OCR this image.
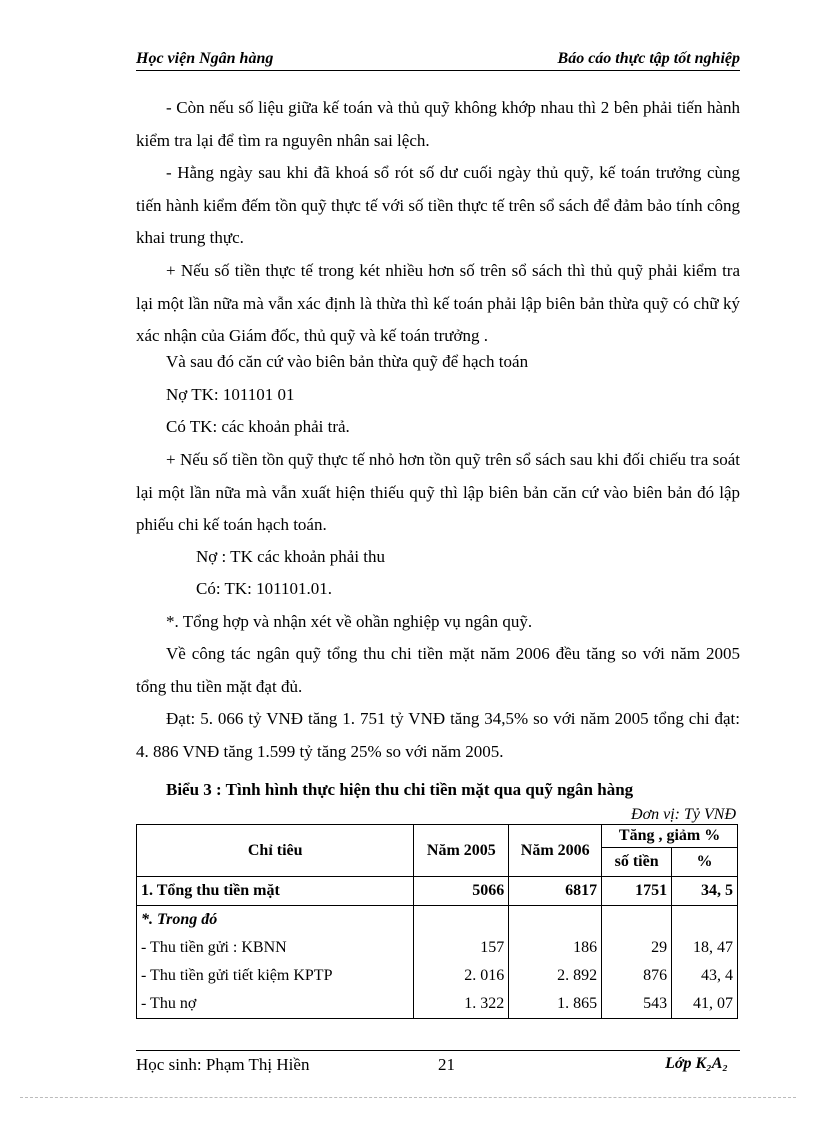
Học viện Ngân hàng	Báo cáo thực tập tốt nghiệp

- Còn nếu số liệu giữa kế toán và thủ quỹ không khớp nhau thì 2 bên phải tiến hành kiểm tra lại để tìm ra nguyên nhân sai lệch.

- Hằng ngày sau khi đã khoá sổ rót số dư cuối ngày thủ quỹ, kế toán trưởng cùng tiến hành kiểm đếm tồn quỹ thực tế với số tiền thực tế trên sổ sách để đảm bảo tính công khai trung thực.

+ Nếu số tiền thực tế trong két nhiều hơn số trên sổ sách thì thủ quỹ phải kiểm tra lại một lần nữa mà vẫn xác định là thừa thì kế toán phải lập biên bản thừa quỹ có chữ ký xác nhận của Giám đốc, thủ quỹ và kế toán trưởng .

Và sau đó căn cứ vào biên bản thừa quỹ để hạch toán

Nợ TK: 101101 01

Có TK: các khoản phải trả.

+ Nếu số tiền tồn quỹ thực tế nhỏ hơn tồn quỹ trên sổ sách sau khi đối chiếu tra soát lại một lần nữa mà vẫn xuất hiện thiếu quỹ thì lập biên bản căn cứ vào biên bản đó lập phiếu chi kế toán hạch toán.

Nợ : TK các khoản phải thu

Có: TK: 101101.01.

*. Tổng hợp và nhận xét về ohần nghiệp vụ ngân quỹ.

Về công tác ngân quỹ tổng thu chi tiền mặt năm 2006 đều tăng so với năm 2005 tổng thu tiền mặt đạt đủ.

Đạt: 5. 066 tỷ VNĐ tăng 1. 751 tỷ VNĐ tăng 34,5% so với năm 2005 tổng chi đạt: 4. 886 VNĐ tăng 1.599 tỷ tăng 25% so với năm 2005.

Biểu 3 : Tình hình thực hiện thu chi tiền mặt qua quỹ ngân hàng
Đơn vị: Tỷ VNĐ
Chỉ tiêu	Năm 2005	Năm 2006	Tăng , giảm %	
			số tiền	%
1. Tổng thu tiền mặt	5066	6817	1751	34, 5
*. Trong đó				
- Thu tiền gửi : KBNN	157	186	29	18, 47
- Thu tiền gửi tiết kiệm KPTP	2. 016	2. 892	876	43, 4
- Thu nợ	1. 322	1. 865	543	41, 07
Học sinh: Phạm Thị Hiền	21	Lớp K₂A₂
